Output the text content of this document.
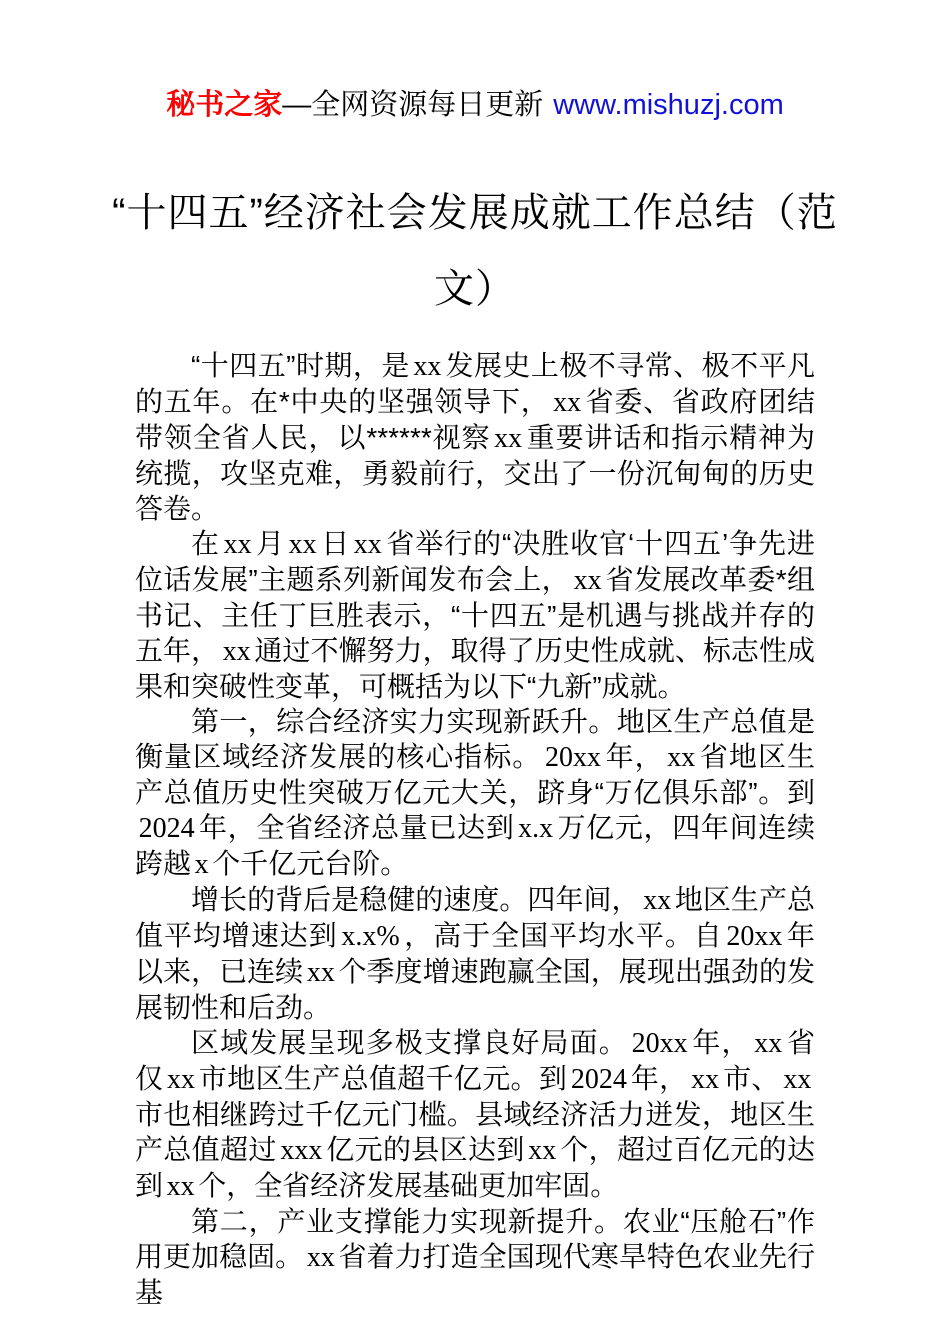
秘书之家—全网资源每日更新 www.mishuzj.com
“十四五”经济社会发展成就工作总结（范
文）

“十四五”时期，是 xx 发展史上极不寻常、极不平凡的五年。在*中央的坚强领导下， xx 省委、省政府团结带领全省人民，以******视察 xx 重要讲话和指示精神为统揽，攻坚克难，勇毅前行，交出了一份沉甸甸的历史答卷。

在 xx 月 xx 日 xx 省举行的“决胜收官‘十四五’争先进位话发展”主题系列新闻发布会上， xx 省发展改革委*组书记、主任丁巨胜表示，“十四五”是机遇与挑战并存的五年， xx 通过不懈努力，取得了历史性成就、标志性成果和突破性变革，可概括为以下“九新”成就。

第一，综合经济实力实现新跃升。地区生产总值是衡量区域经济发展的核心指标。 20xx 年， xx 省地区生产总值历史性突破万亿元大关，跻身“万亿俱乐部”。到2024 年，全省经济总量已达到 x.x 万亿元，四年间连续跨越 x 个千亿元台阶。

增长的背后是稳健的速度。四年间， xx 地区生产总值平均增速达到 x.x% ，高于全国平均水平。自 20xx 年以来，已连续 xx 个季度增速跑赢全国，展现出强劲的发展韧性和后劲。

区域发展呈现多极支撑良好局面。 20xx 年， xx 省仅 xx 市地区生产总值超千亿元。到 2024 年， xx 市、 xx市也相继跨过千亿元门槛。县域经济活力迸发，地区生产总值超过 xxx 亿元的县区达到 xx 个，超过百亿元的达到 xx 个，全省经济发展基础更加牢固。

第二，产业支撑能力实现新提升。农业“压舱石”作用更加稳固。 xx 省着力打造全国现代寒旱特色农业先行基
